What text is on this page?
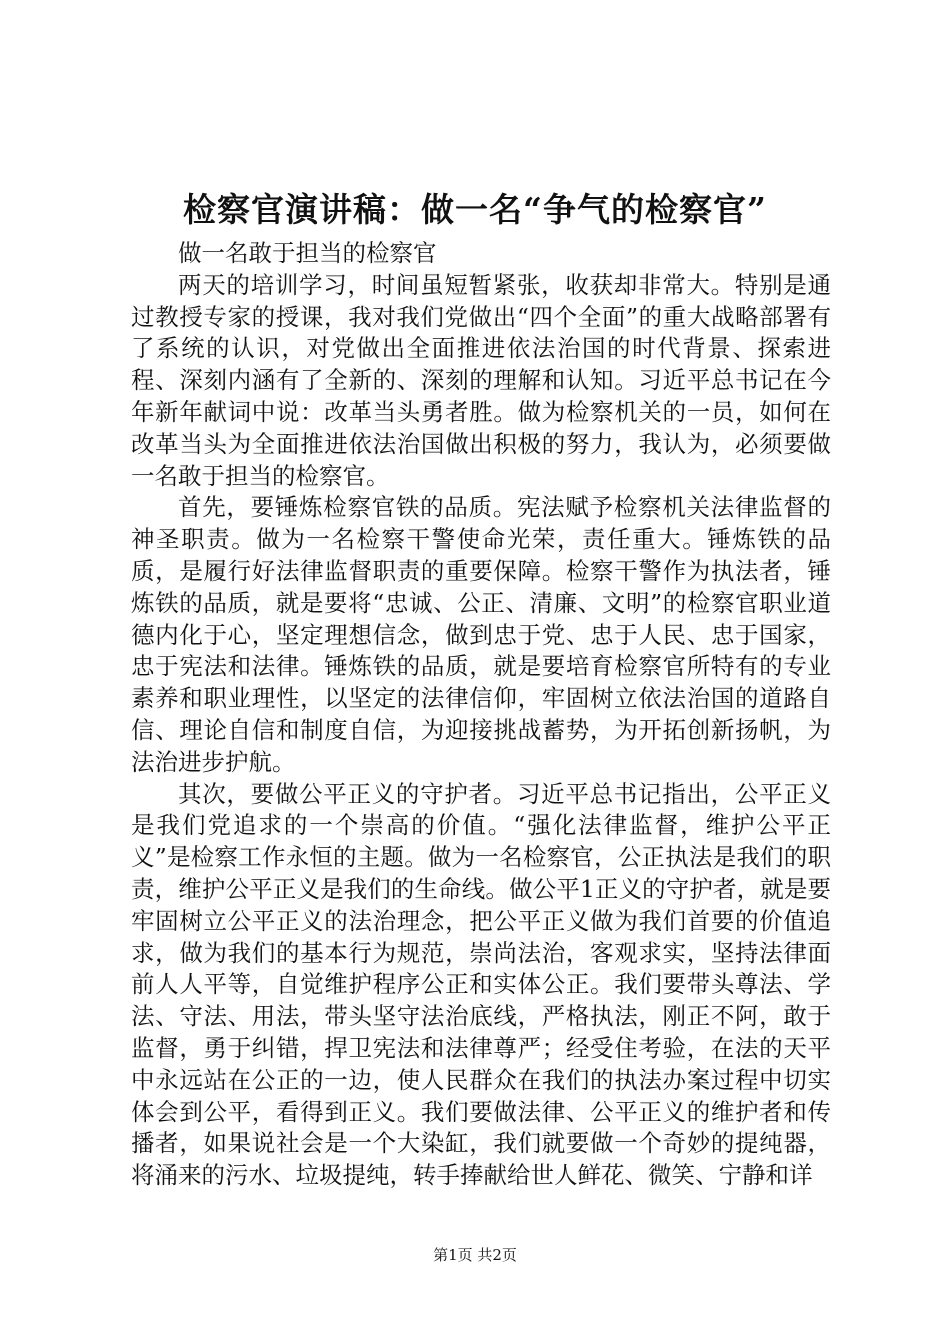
检察官演讲稿：做一名“争气的检察官”

做一名敢于担当的检察官

两天的培训学习，时间虽短暂紧张，收获却非常大。特别是通过教授专家的授课，我对我们党做出“四个全面”的重大战略部署有了系统的认识，对党做出全面推进依法治国的时代背景、探索进程、深刻内涵有了全新的、深刻的理解和认知。习近平总书记在今年新年献词中说：改革当头勇者胜。做为检察机关的一员，如何在改革当头为全面推进依法治国做出积极的努力，我认为，必须要做一名敢于担当的检察官。

首先，要锤炼检察官铁的品质。宪法赋予检察机关法律监督的神圣职责。做为一名检察干警使命光荣，责任重大。锤炼铁的品质，是履行好法律监督职责的重要保障。检察干警作为执法者，锤炼铁的品质，就是要将“忠诚、公正、清廉、文明”的检察官职业道德内化于心，坚定理想信念，做到忠于党、忠于人民、忠于国家，忠于宪法和法律。锤炼铁的品质，就是要培育检察官所特有的专业素养和职业理性，以坚定的法律信仰，牢固树立依法治国的道路自信、理论自信和制度自信，为迎接挑战蓄势，为开拓创新扬帆，为法治进步护航。

其次，要做公平正义的守护者。习近平总书记指出，公平正义是我们党追求的一个崇高的价值。“强化法律监督，维护公平正义”是检察工作永恒的主题。做为一名检察官，公正执法是我们的职责，维护公平正义是我们的生命线。做公平1正义的守护者，就是要牢固树立公平正义的法治理念，把公平正义做为我们首要的价值追求，做为我们的基本行为规范，崇尚法治，客观求实，坚持法律面前人人平等，自觉维护程序公正和实体公正。我们要带头尊法、学法、守法、用法，带头坚守法治底线，严格执法，刚正不阿，敢于监督，勇于纠错，捍卫宪法和法律尊严；经受住考验，在法的天平中永远站在公正的一边，使人民群众在我们的执法办案过程中切实体会到公平，看得到正义。我们要做法律、公平正义的维护者和传播者，如果说社会是一个大染缸，我们就要做一个奇妙的提纯器，将涌来的污水、垃圾提纯，转手捧献给世人鲜花、微笑、宁静和详

第1页 共2页
